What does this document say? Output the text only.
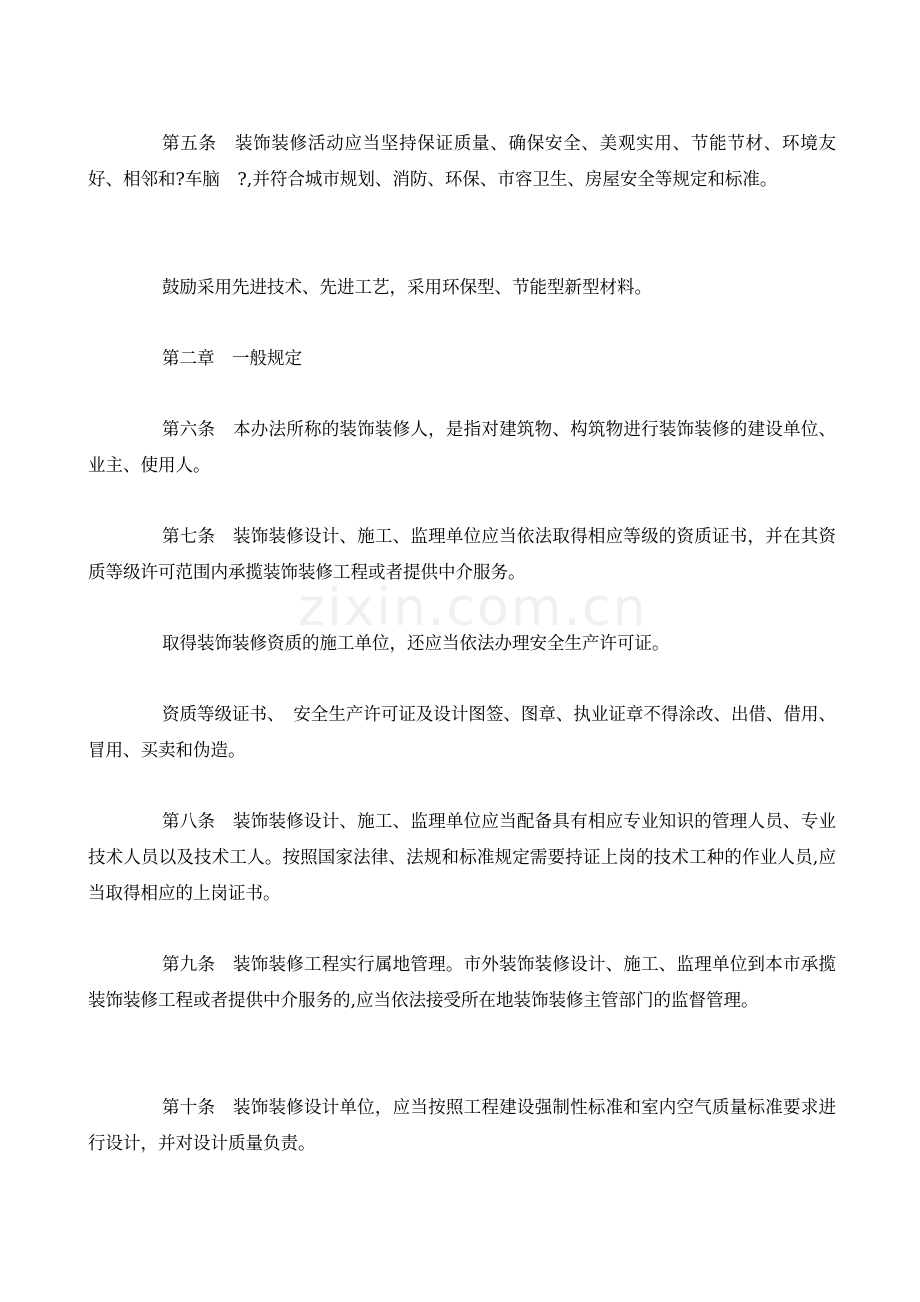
第五条　装饰装修活动应当坚持保证质量、确保安全、美观实用、节能节材、环境友好、相邻和?车脑　?,并符合城市规划、消防、环保、市容卫生、房屋安全等规定和标准。

鼓励采用先进技术、先进工艺，采用环保型、节能型新型材料。

第二章　一般规定

第六条　本办法所称的装饰装修人，是指对建筑物、构筑物进行装饰装修的建设单位、业主、使用人。

第七条　装饰装修设计、施工、监理单位应当依法取得相应等级的资质证书，并在其资质等级许可范围内承揽装饰装修工程或者提供中介服务。

取得装饰装修资质的施工单位，还应当依法办理安全生产许可证。

资质等级证书、　安全生产许可证及设计图签、图章、执业证章不得涂改、出借、借用、冒用、买卖和伪造。

第八条　装饰装修设计、施工、监理单位应当配备具有相应专业知识的管理人员、专业技术人员以及技术工人。按照国家法律、法规和标准规定需要持证上岗的技术工种的作业人员,应当取得相应的上岗证书。

第九条　装饰装修工程实行属地管理。市外装饰装修设计、施工、监理单位到本市承揽装饰装修工程或者提供中介服务的,应当依法接受所在地装饰装修主管部门的监督管理。

第十条　装饰装修设计单位，应当按照工程建设强制性标准和室内空气质量标准要求进行设计，并对设计质量负责。

zixin.com.cn
